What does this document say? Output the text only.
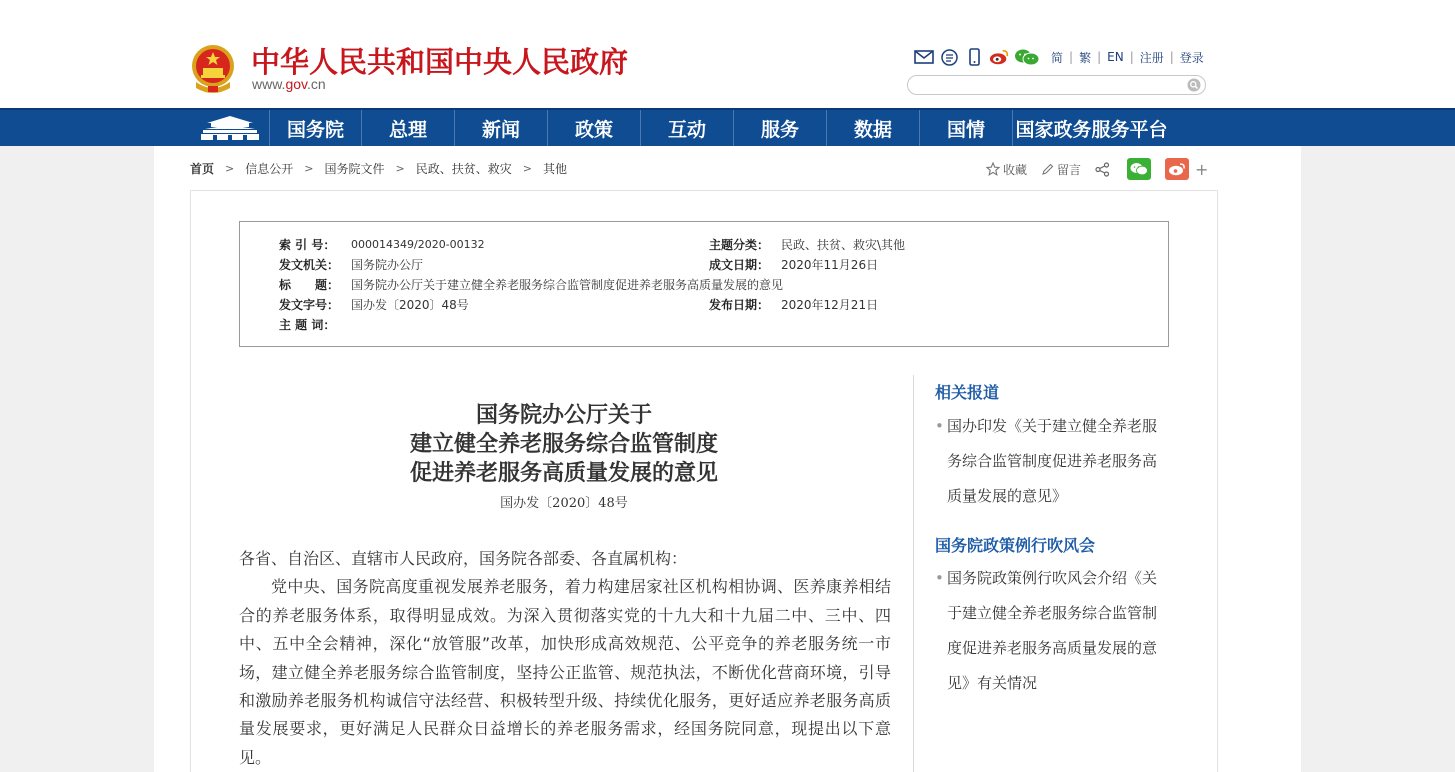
中华人民共和国中央人民政府
www.gov.cn
简 | 繁 | EN | 注册 | 登录
国务院	总理	新闻	政策	互动	服务	数据	国情	国家政务服务平台
首页	> 信息公开	> 国务院文件	> 民政、扶贫、救灾	> 其他	收藏	留言	+
索 引 号：	000014349/2020-00132	主题分类： 民政、扶贫、救灾\其他
发文机关： 国务院办公厅	成文日期： 2020年11月26日
标　　题： 国务院办公厅关于建立健全养老服务综合监管制度促进养老服务高质量发展的意见
发文字号： 国办发〔2020〕48号	发布日期： 2020年12月21日
主 题 词：
国务院办公厅关于
建立健全养老服务综合监管制度
促进养老服务高质量发展的意见
国办发〔2020〕48号

各省、自治区、直辖市人民政府，国务院各部委、各直属机构：

党中央、国务院高度重视发展养老服务，着力构建居家社区机构相协调、医养康养相结合的养老服务体系，取得明显成效。为深入贯彻落实党的十九大和十九届二中、三中、四中、五中全会精神，深化“放管服”改革，加快形成高效规范、公平竞争的养老服务统一市场，建立健全养老服务综合监管制度，坚持公正监管、规范执法，不断优化营商环境，引导和激励养老服务机构诚信守法经营、积极转型升级、持续优化服务，更好适应养老服务高质量发展要求，更好满足人民群众日益增长的养老服务需求，经国务院同意，现提出以下意见。

相关报道
• 国办印发《关于建立健全养老服务综合监管制度促进养老服务高质量发展的意见》
国务院政策例行吹风会
• 国务院政策例行吹风会介绍《关于建立健全养老服务综合监管制度促进养老服务高质量发展的意见》有关情况
